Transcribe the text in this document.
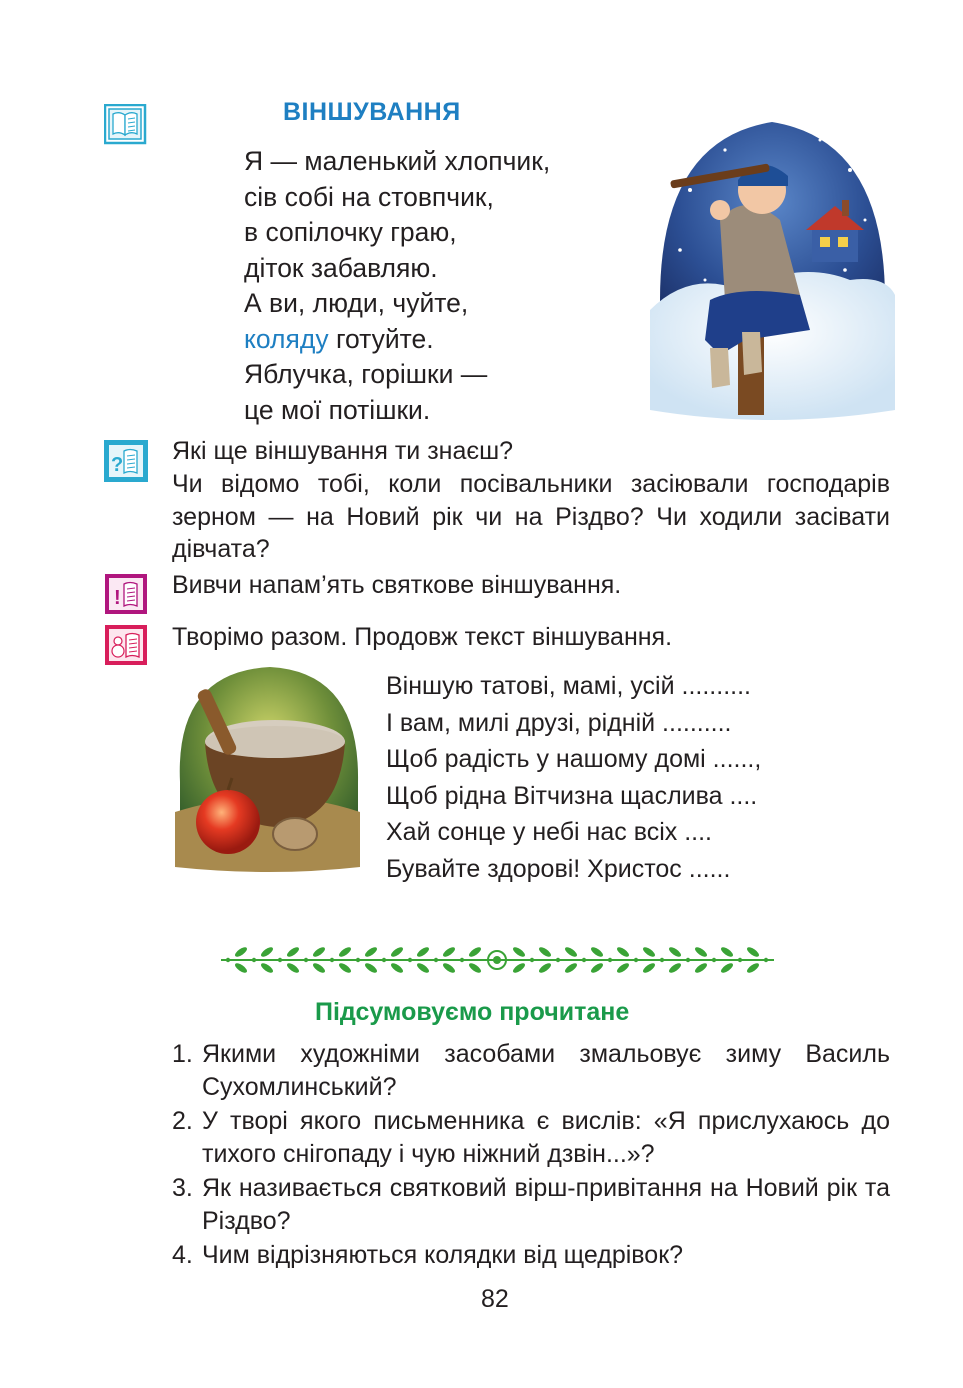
ВІНШУВАННЯ
Я — маленький хлопчик,
сів собі на стовпчик,
в сопілочку граю,
діток забавляю.
А ви, люди, чуйте,
коляду готуйте.
Яблучка, горішки —
це мої потішки.
? Які ще віншування ти знаєш?
Чи відомо тобі, коли посівальники засіювали господарів зерном — на Новий рік чи на Різдво? Чи ходили засівати дівчата?
! Вивчи напам’ять святкове віншування.
Творімо разом. Продовж текст віншування.
Віншую татові, мамі, усій ..........
І вам, милі друзі, рідній ..........
Щоб радість у нашому домі ......,
Щоб рідна Вітчизна щаслива ....
Хай сонце у небі нас всіх ....
Бувайте здорові! Христос ......
Підсумовуємо прочитане
1. Якими художніми засобами змальовує зиму Василь Сухомлинський?
2. У творі якого письменника є вислів: «Я прислухаюсь до тихого снігопаду і чую ніжний дзвін...»?
3. Як називається святковий вірш-привітання на Новий рік та Різдво?
4. Чим відрізняються колядки від щедрівок?
82
